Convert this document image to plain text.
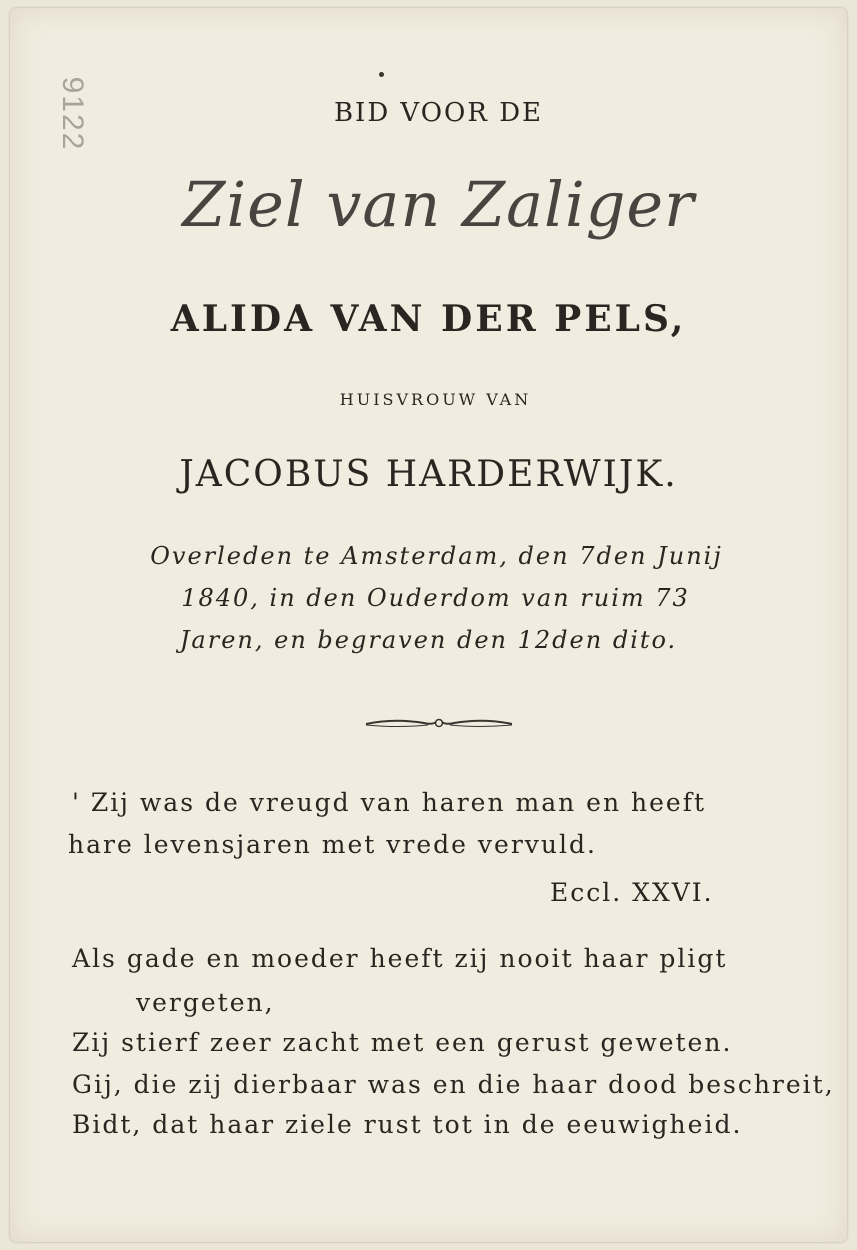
9122	BID VOOR DE
Ziel van Zaliger
ALIDA VAN DER PELS,
HUISVROUW VAN
JACOBUS HARDERWIJK.
Overleden te Amsterdam, den 7den Junij
1840, in den Ouderdom van ruim 73
Jaren, en begraven den 12den dito.
' Zij was de vreugd van haren man en heeft
hare levensjaren met vrede vervuld.
Eccl. XXVI.
Als gade en moeder heeft zij nooit haar pligt
vergeten,
Zij stierf zeer zacht met een gerust geweten.
Gij, die zij dierbaar was en die haar dood beschreit,
Bidt, dat haar ziele rust tot in de eeuwigheid.
